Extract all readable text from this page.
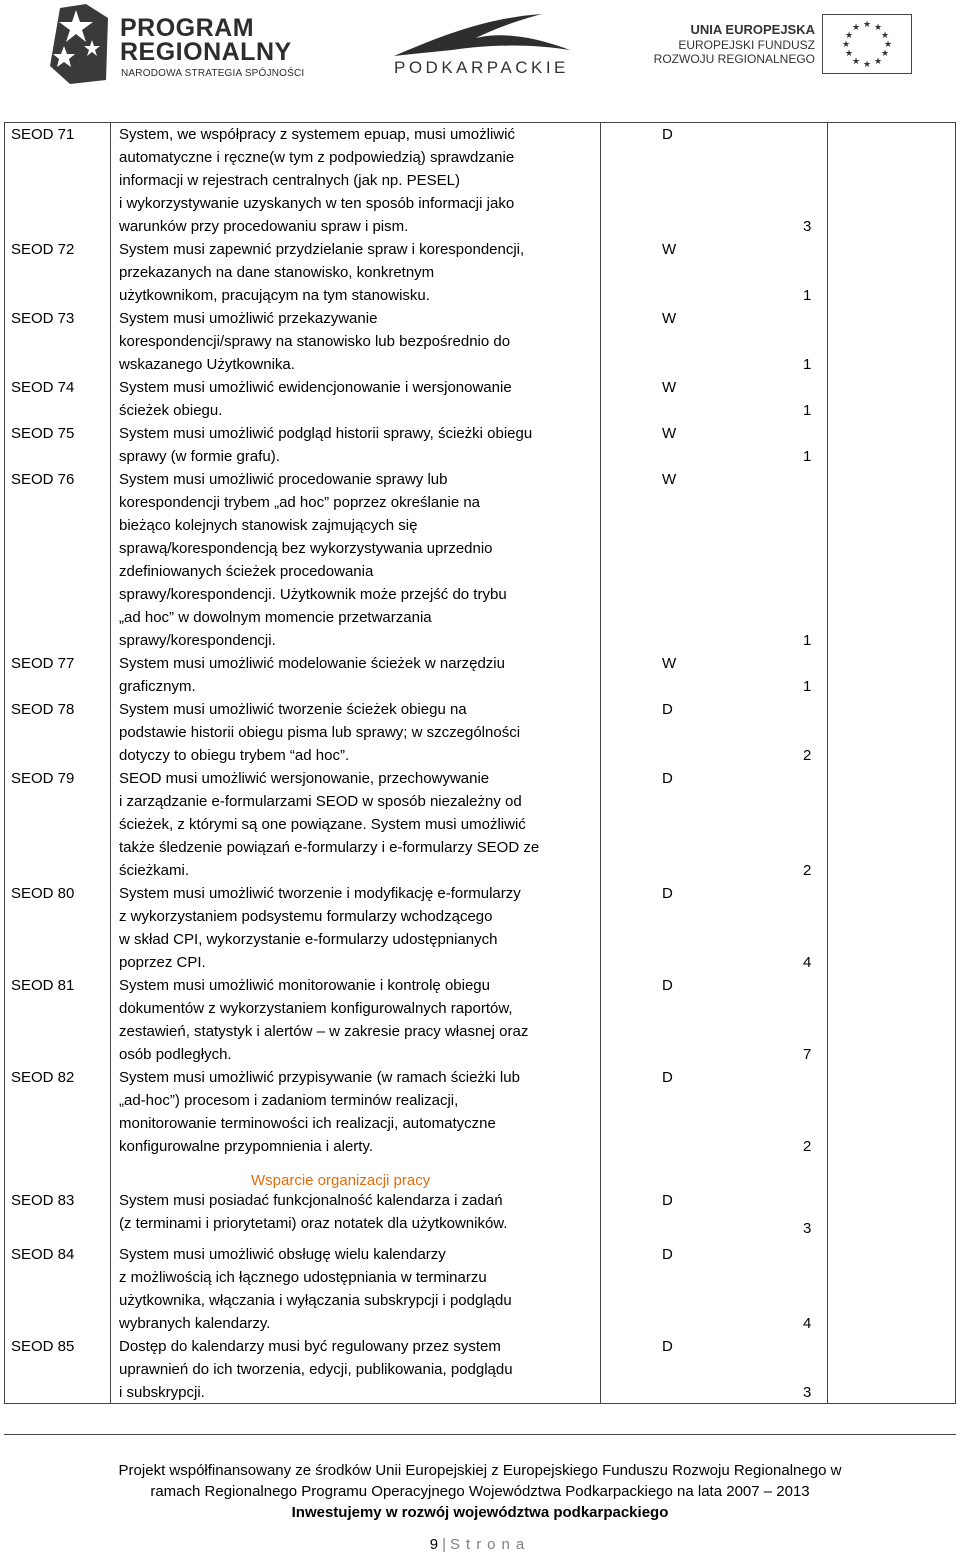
PROGRAM
REGIONALNY
NARODOWA STRATEGIA SPÓJNOŚCI	PODKARPACKIE
UNIA EUROPEJSKA
EUROPEJSKI FUNDUSZ
ROZWOJU REGIONALNEGO
★ ★
★
★
★
★
★
★
★
★
★
★
SEOD 71	System, we współpracy z systemem epuap, musi umożliwić
automatyczne i ręczne(w tym z podpowiedzią) sprawdzanie
informacji w rejestrach centralnych (jak np. PESEL)
i wykorzystywanie uzyskanych w ten sposób informacji jako
warunków przy procedowaniu spraw i pism.
D
3
SEOD 72	System musi zapewnić przydzielanie spraw i korespondencji,
przekazanych na dane stanowisko, konkretnym
użytkownikom, pracującym na tym stanowisku.
W
1
SEOD 73	System musi umożliwić przekazywanie
korespondencji/sprawy na stanowisko lub bezpośrednio do
wskazanego Użytkownika.
W
1
SEOD 74	System musi umożliwić ewidencjonowanie i wersjonowanie
ścieżek obiegu.
W
1
SEOD 75	System musi umożliwić podgląd historii sprawy, ścieżki obiegu
sprawy (w formie grafu).
W
1
SEOD 76	System musi umożliwić procedowanie sprawy lub
korespondencji trybem „ad hoc” poprzez określanie na
bieżąco kolejnych stanowisk zajmujących się
sprawą/korespondencją bez wykorzystywania uprzednio
zdefiniowanych ścieżek procedowania
sprawy/korespondencji. Użytkownik może przejść do trybu
„ad hoc” w dowolnym momencie przetwarzania
sprawy/korespondencji.
W
1
SEOD 77	System musi umożliwić modelowanie ścieżek w narzędziu
graficznym.
W
1
SEOD 78	System musi umożliwić tworzenie ścieżek obiegu na
podstawie historii obiegu pisma lub sprawy; w szczególności
dotyczy to obiegu trybem “ad hoc”.
D
2
SEOD 79	SEOD musi umożliwić wersjonowanie, przechowywanie
i zarządzanie e-formularzami SEOD w sposób niezależny od
ścieżek, z którymi są one powiązane. System musi umożliwić
także śledzenie powiązań e-formularzy i e-formularzy SEOD ze
ścieżkami.
D
2
SEOD 80	System musi umożliwić tworzenie i modyfikację e-formularzy
z wykorzystaniem podsystemu formularzy wchodzącego
w skład CPI, wykorzystanie e-formularzy udostępnianych
poprzez CPI.
D
4
SEOD 81	System musi umożliwić monitorowanie i kontrolę obiegu
dokumentów z wykorzystaniem konfigurowalnych raportów,
zestawień, statystyk i alertów – w zakresie pracy własnej oraz
osób podległych.
D
7
SEOD 82	System musi umożliwić przypisywanie (w ramach ścieżki lub
„ad-hoc”) procesom i zadaniom terminów realizacji,
monitorowanie terminowości ich realizacji, automatyczne
konfigurowalne przypomnienia i alerty.
D
2
Wsparcie organizacji pracy
SEOD 83	System musi posiadać funkcjonalność kalendarza i zadań
(z terminami i priorytetami) oraz notatek dla użytkowników.
D
3
SEOD 84	System musi umożliwić obsługę wielu kalendarzy
z możliwością ich łącznego udostępniania w terminarzu
użytkownika, włączania i wyłączania subskrypcji i podglądu
wybranych kalendarzy.
D
4
SEOD 85	Dostęp do kalendarzy musi być regulowany przez system
uprawnień do ich tworzenia, edycji, publikowania, podglądu
i subskrypcji.
D
3
Projekt współfinansowany ze środków Unii Europejskiej z Europejskiego Funduszu Rozwoju Regionalnego w
ramach Regionalnego Programu Operacyjnego Województwa Podkarpackiego na lata 2007 – 2013
Inwestujemy w rozwój województwa podkarpackiego
9 | Strona
